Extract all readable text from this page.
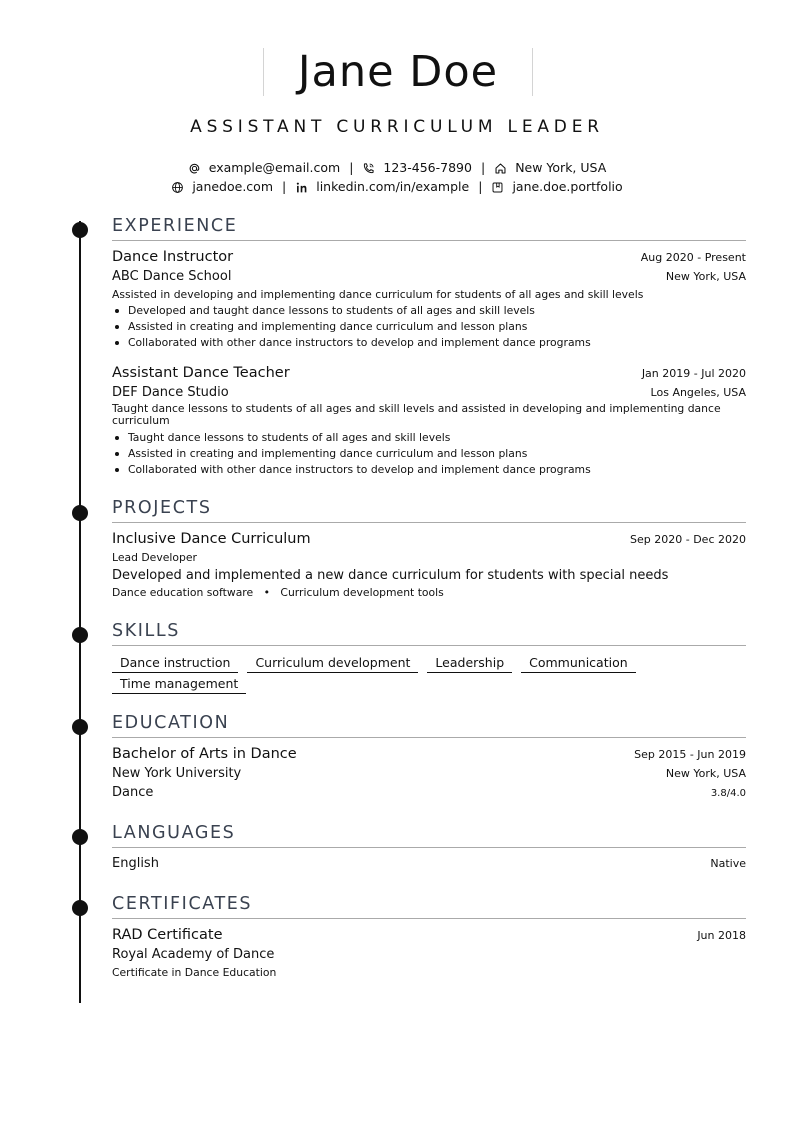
Jane Doe
ASSISTANT CURRICULUM LEADER
example@email.com | 123-456-7890 | New York, USA
janedoe.com | linkedin.com/in/example | jane.doe.portfolio
EXPERIENCE
Dance Instructor	Aug 2020 - Present
ABC Dance School	New York, USA
Assisted in developing and implementing dance curriculum for students of all ages and skill levels
Developed and taught dance lessons to students of all ages and skill levels
Assisted in creating and implementing dance curriculum and lesson plans
Collaborated with other dance instructors to develop and implement dance programs
Assistant Dance Teacher	Jan 2019 - Jul 2020
DEF Dance Studio	Los Angeles, USA
Taught dance lessons to students of all ages and skill levels and assisted in developing and implementing dance curriculum
Taught dance lessons to students of all ages and skill levels
Assisted in creating and implementing dance curriculum and lesson plans
Collaborated with other dance instructors to develop and implement dance programs
PROJECTS
Inclusive Dance Curriculum	Sep 2020 - Dec 2020
Lead Developer
Developed and implemented a new dance curriculum for students with special needs
Dance education software • Curriculum development tools
SKILLS
Dance instruction Curriculum development Leadership Communication
Time management
EDUCATION
Bachelor of Arts in Dance	Sep 2015 - Jun 2019
New York University	New York, USA
Dance	3.8/4.0
LANGUAGES
English	Native
CERTIFICATES
RAD Certificate	Jun 2018
Royal Academy of Dance
Certificate in Dance Education
